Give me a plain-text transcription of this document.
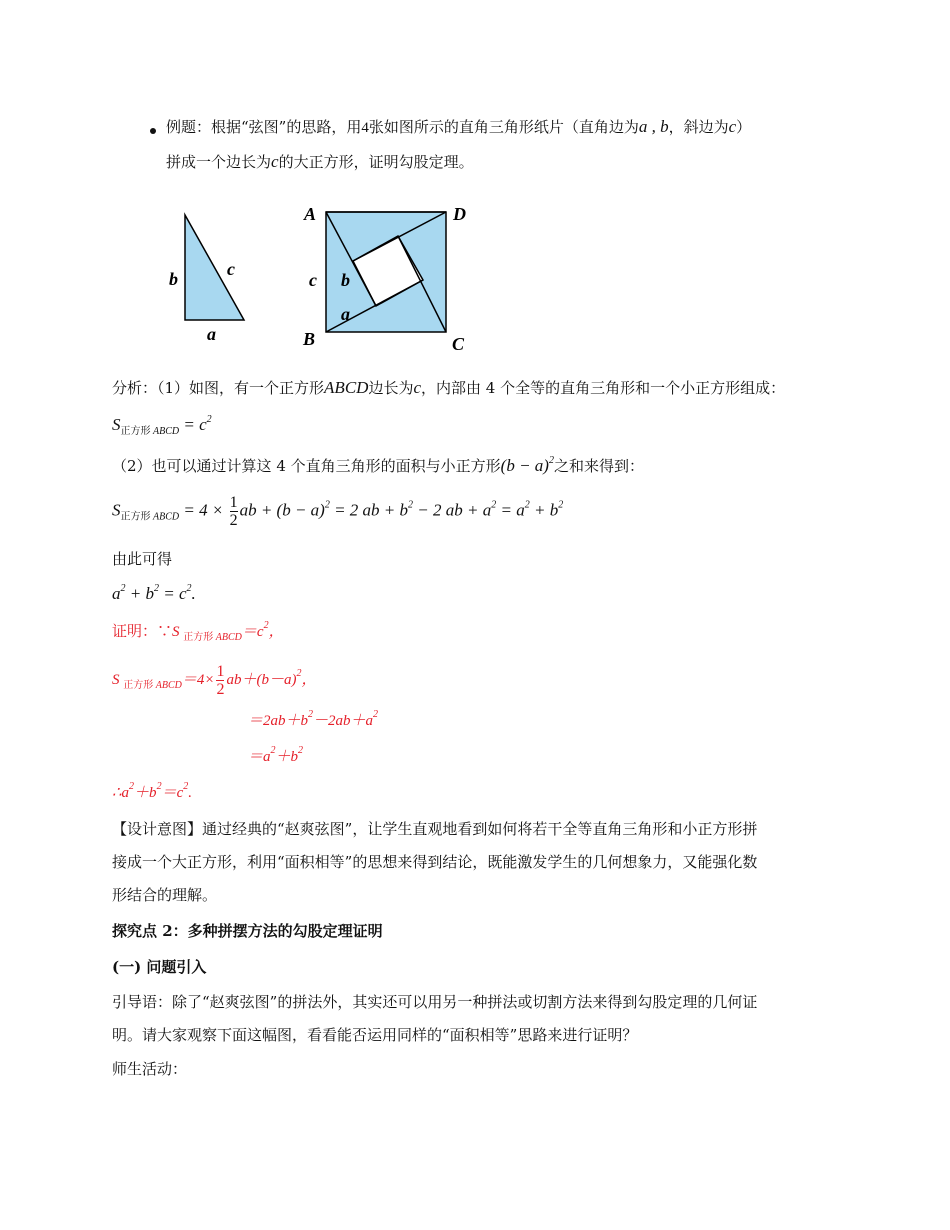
例题：根据“弦图”的思路，用4张如图所示的直角三角形纸片（直角边为a , b，斜边为c）
拼成一个边长为c的大正方形，证明勾股定理。
b	c
a
A	D
B	C
c b
a
分析：（1）如图，有一个正方形ABCD边长为c，内部由 4 个全等的直角三角形和一个小正方形组成：
$S_{正方形 ABCD} = c^2$
（2）也可以通过计算这 4 个直角三角形的面积与小正方形$(b - a)^2$之和来得到：
$S_{正方形 ABCD} = 4 \times \frac{1}{2}$ ab + $(b - a)^2 = 2$ ab + $b^2 - 2$ ab + $a^2 = a^2 + b^2$
由此可得
$a^2 + b^2 = c^2$.
证明：∵S $_{正方形 ABCD}=c^2$，
S $_{正方形 ABCD}=4\times \frac{1}{2} ab+(b-a)^2$，
$=2ab+b^2-2ab+a^2$
$=a^2+b^2$
$\therefore a^2+b^2=c^2$.
【设计意图】通过经典的“赵爽弦图”，让学生直观地看到如何将若干全等直角三角形和小正方形拼
接成一个大正方形，利用“面积相等”的思想来得到结论，既能激发学生的几何想象力，又能强化数
形结合的理解。
探究点 2：多种拼摆方法的勾股定理证明
(一) 问题引入
引导语：除了“赵爽弦图”的拼法外，其实还可以用另一种拼法或切割方法来得到勾股定理的几何证
明。请大家观察下面这幅图，看看能否运用同样的“面积相等”思路来进行证明？
师生活动：
